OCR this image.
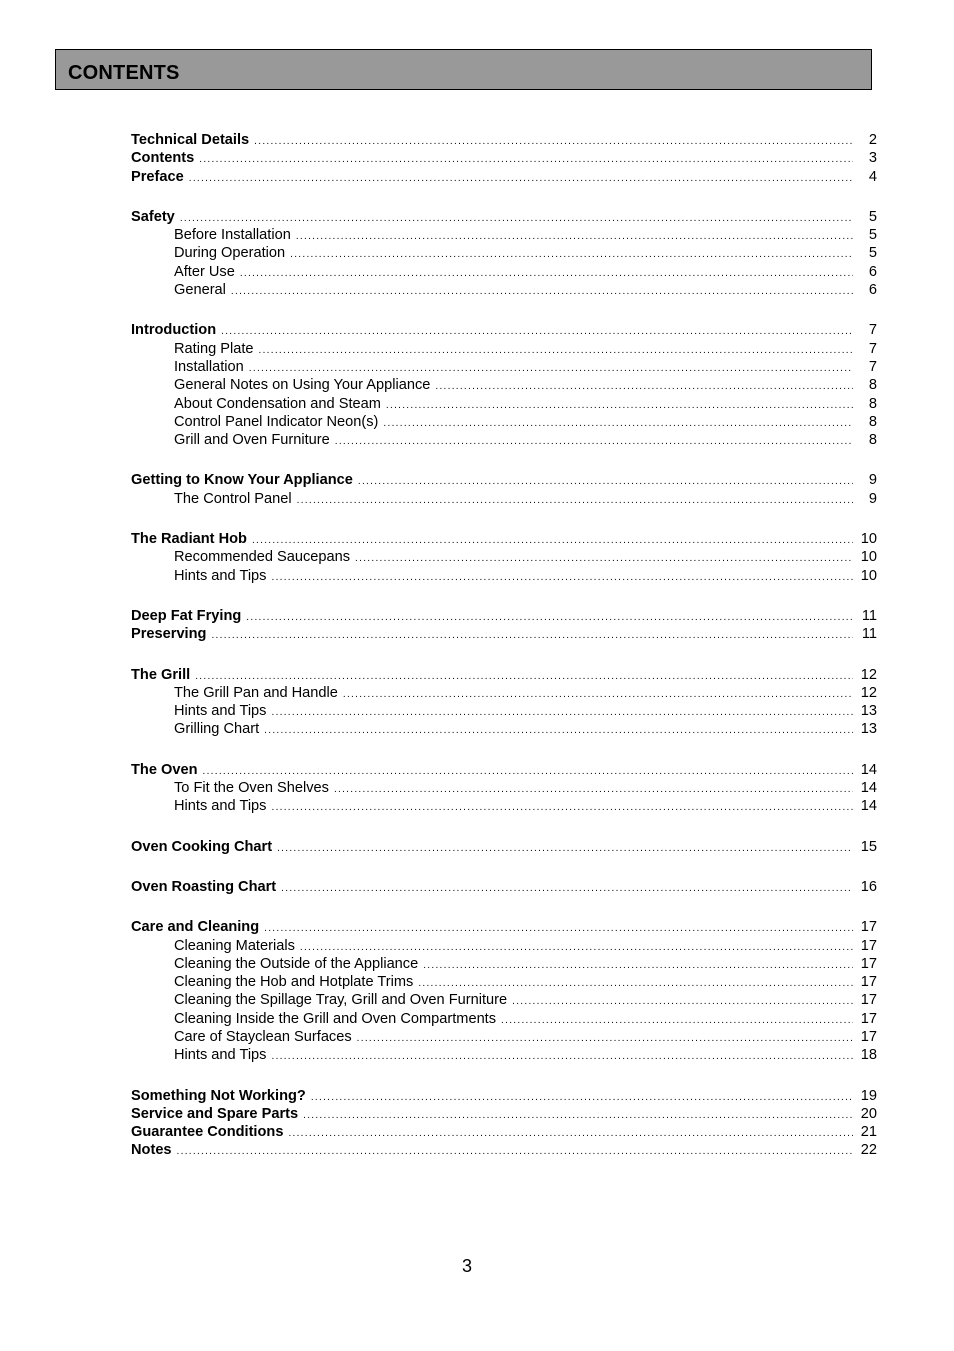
CONTENTS
Technical Details .....	2
Contents .....	3
Preface .....	4
Safety .....	5
Before Installation .....	5
During Operation .....	5
After Use .....	6
General .....	6
Introduction .....	7
Rating Plate .....	7
Installation .....	7
General Notes on Using Your Appliance .....	8
About Condensation and Steam .....	8
Control Panel Indicator Neon(s) .....	8
Grill and Oven Furniture .....	8
Getting to Know Your Appliance .....	9
The Control Panel .....	9
The Radiant Hob .....	10
Recommended Saucepans .....	10
Hints and Tips .....	10
Deep Fat Frying .....	11
Preserving .....	11
The Grill .....	12
The Grill Pan and Handle .....	12
Hints and Tips .....	13
Grilling Chart .....	13
The Oven .....	14
To Fit the Oven Shelves .....	14
Hints and Tips .....	14
Oven Cooking Chart .....	15
Oven Roasting Chart .....	16
Care and Cleaning .....	17
Cleaning Materials .....	17
Cleaning the Outside of the Appliance .....	17
Cleaning the Hob and Hotplate Trims .....	17
Cleaning the Spillage Tray, Grill and Oven Furniture .....	17
Cleaning Inside the Grill and Oven Compartments .....	17
Care of Stayclean Surfaces .....	17
Hints and Tips .....	18
Something Not Working? .....	19
Service and Spare Parts .....	20
Guarantee Conditions .....	21
Notes .....	22
3
